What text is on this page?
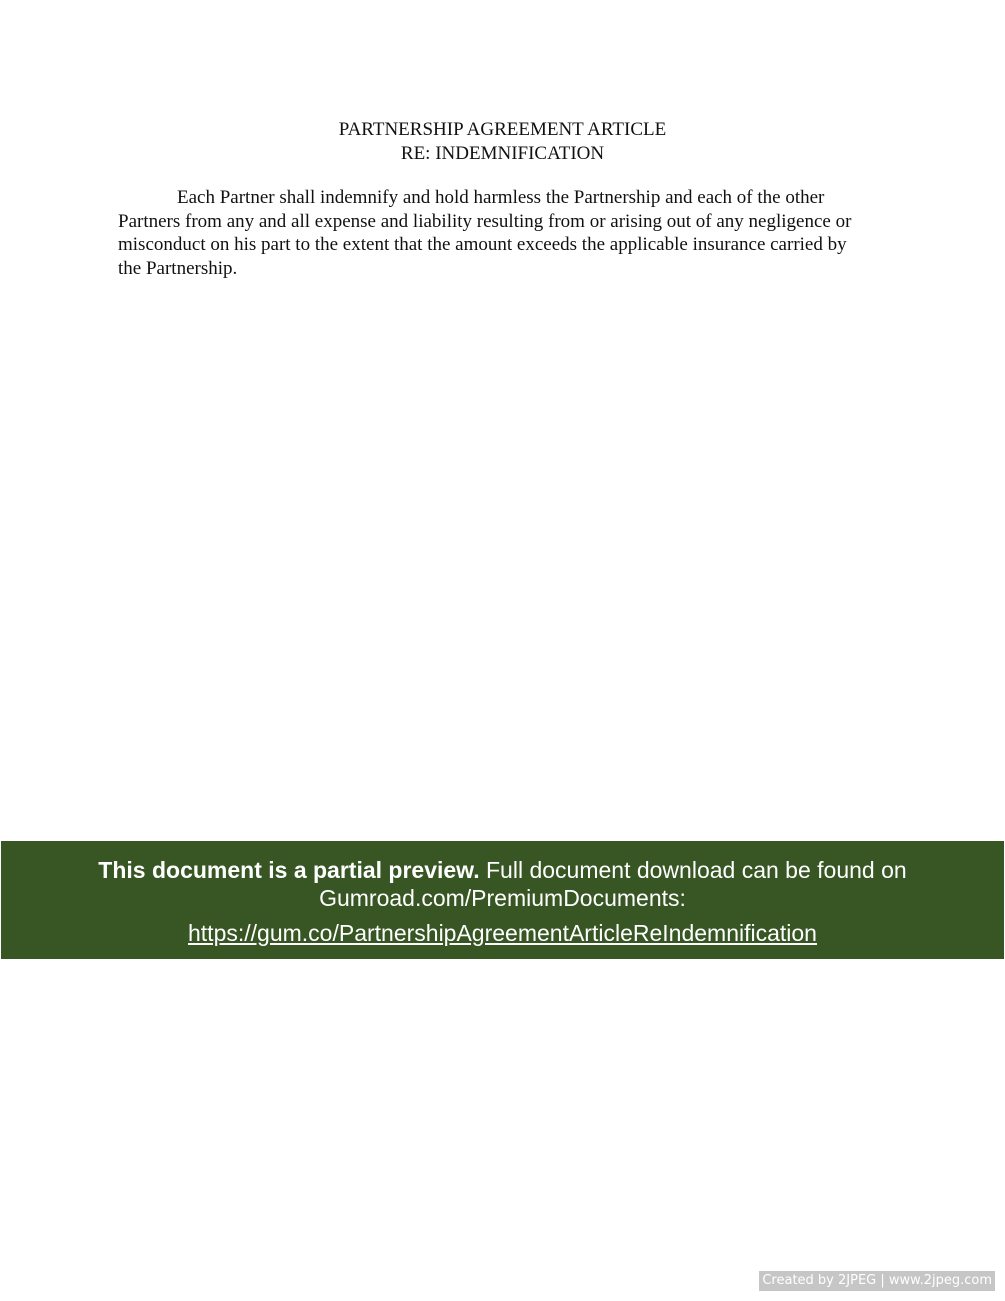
PARTNERSHIP AGREEMENT ARTICLE
RE: INDEMNIFICATION
Each Partner shall indemnify and hold harmless the Partnership and each of the other
Partners from any and all expense and liability resulting from or arising out of any negligence or
misconduct on his part to the extent that the amount exceeds the applicable insurance carried by
the Partnership.
This document is a partial preview. Full document download can be found on
Gumroad.com/PremiumDocuments:
https://gum.co/PartnershipAgreementArticleReIndemnification
Created by 2JPEG | www.2jpeg.com
